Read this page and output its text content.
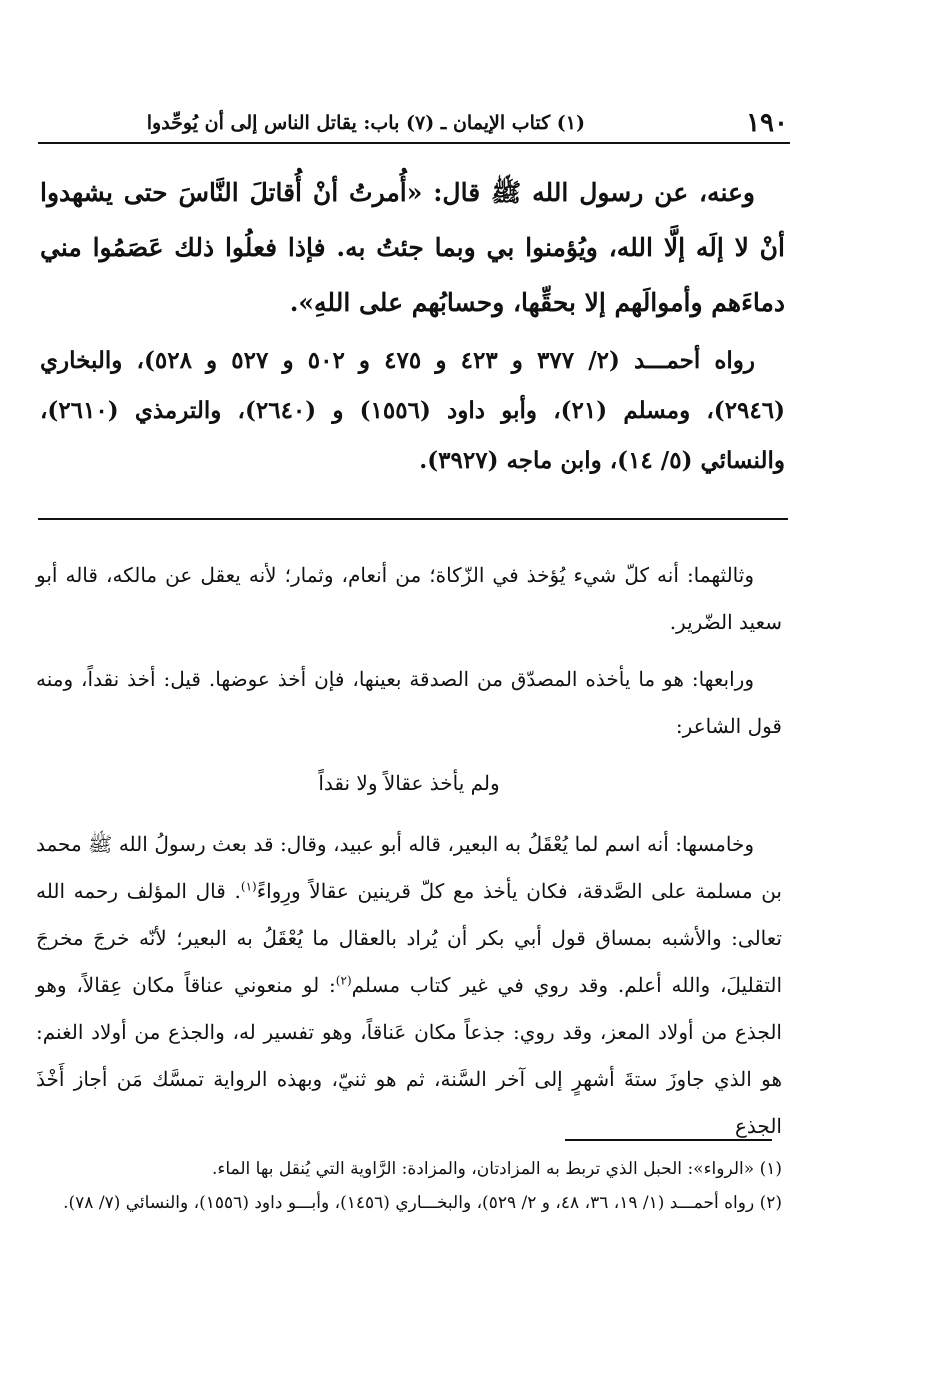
١٩٠
(١) كتاب الإيمان ـ (٧) باب: يقاتل الناس إلى أن يُوحِّدوا

وعنه، عن رسول الله ﷺ قال: «أُمرتُ أنْ أُقاتلَ النَّاسَ حتى يشهدوا أنْ لا إلَه إلَّا الله، ويُؤمنوا بي وبما جئتُ به. فإذا فعلُوا ذلك عَصَمُوا مني دماءَهم وأموالَهم إلا بحقِّها، وحسابُهم على اللهِ».

رواه أحمـــد (٢/ ٣٧٧ و ٤٢٣ و ٤٧٥ و ٥٠٢ و ٥٢٧ و ٥٢٨)، والبخاري (٢٩٤٦)، ومسلم (٢١)، وأبو داود (١٥٥٦) و (٢٦٤٠)، والترمذي (٢٦١٠)، والنسائي (٥/ ١٤)، وابن ماجه (٣٩٢٧).

وثالثهما: أنه كلّ شيء يُؤخذ في الزّكاة؛ من أنعام، وثمار؛ لأنه يعقل عن مالكه، قاله أبو سعيد الضّرير.

ورابعها: هو ما يأخذه المصدّق من الصدقة بعينها، فإن أخذ عوضها. قيل: أخذ نقداً، ومنه قول الشاعر:

ولم يأخذ عقالاً ولا نقداً

وخامسها: أنه اسم لما يُعْقَلُ به البعير، قاله أبو عبيد، وقال: قد بعث رسولُ الله ﷺ محمد بن مسلمة على الصَّدقة، فكان يأخذ مع كلّ قرينين عقالاً ورِواءً$^{(١)}$. قال المؤلف رحمه الله تعالى: والأشبه بمساق قول أبي بكر أن يُراد بالعقال ما يُعْقَلُ به البعير؛ لأنّه خرجَ مخرجَ التقليلَ، والله أعلم. وقد روي في غير كتاب مسلم$^{(٢)}$: لو منعوني عناقاً مكان عِقالاً، وهو الجذع من أولاد المعز، وقد روي: جذعاً مكان عَناقاً، وهو تفسير له، والجذع من أولاد الغنم: هو الذي جاوزَ ستةَ أشهرٍ إلى آخر السَّنة، ثم هو ثنيّ، وبهذه الرواية تمسَّك مَن أجاز أَخْذَ الجذع

(١) «الرواء»: الحبل الذي تربط به المزادتان، والمزادة: الرَّاوية التي يُنقل بها الماء.

(٢) رواه أحمـــد (١/ ١٩، ٣٦، ٤٨، و ٢/ ٥٢٩)، والبخـــاري (١٤٥٦)، وأبـــو داود (١٥٥٦)، والنسائي (٧/ ٧٨).
